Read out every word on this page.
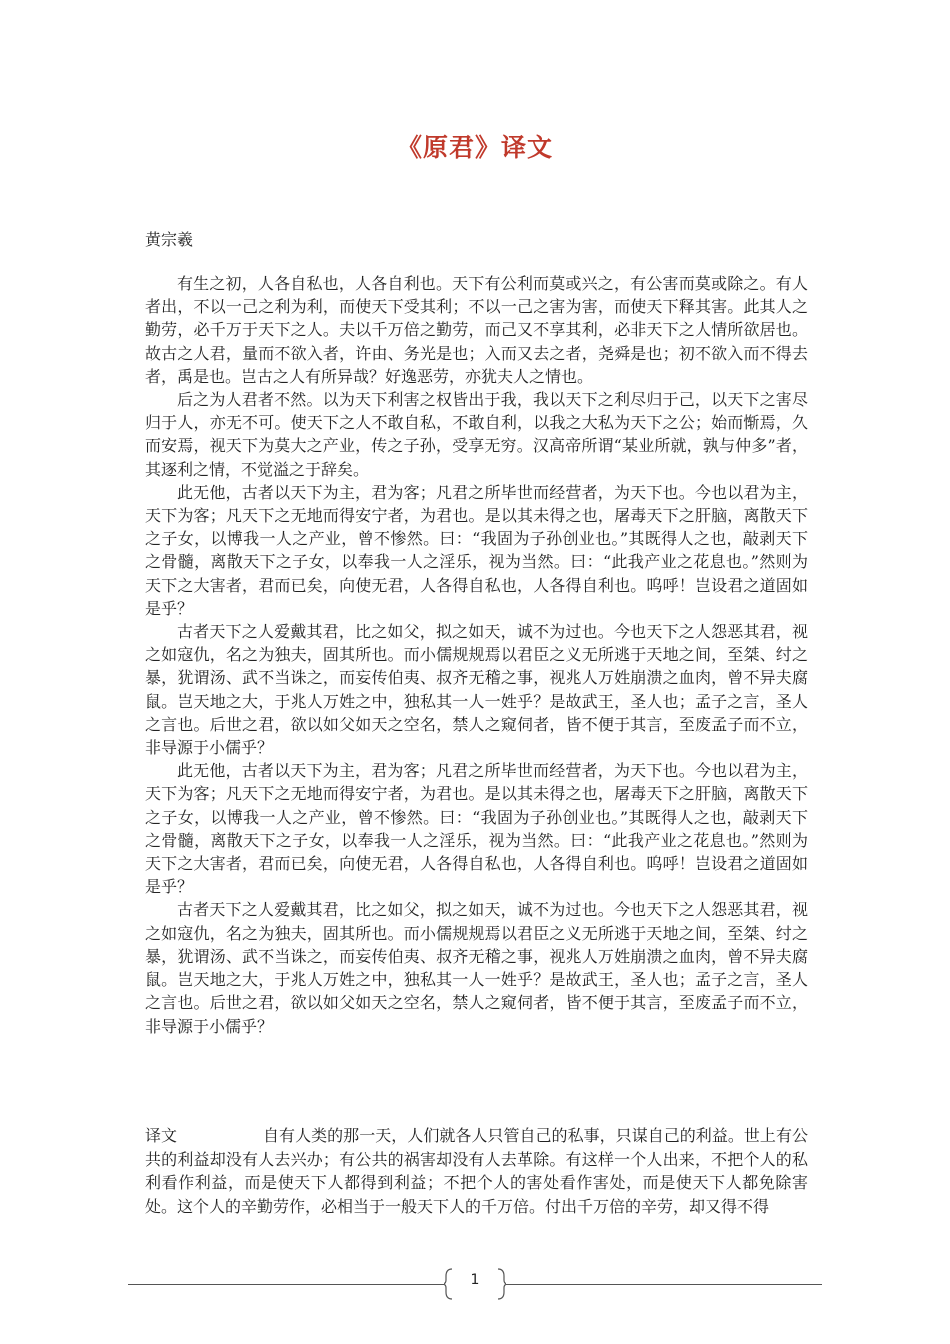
《原君》译文
黄宗羲

有生之初，人各自私也，人各自利也。天下有公利而莫或兴之，有公害而莫或除之。有人者出，不以一己之利为利，而使天下受其利；不以一己之害为害，而使天下释其害。此其人之勤劳，必千万于天下之人。夫以千万倍之勤劳，而己又不享其利，必非天下之人情所欲居也。故古之人君，量而不欲入者，许由、务光是也；入而又去之者，尧舜是也；初不欲入而不得去者，禹是也。岂古之人有所异哉？好逸恶劳，亦犹夫人之情也。

后之为人君者不然。以为天下利害之权皆出于我，我以天下之利尽归于己，以天下之害尽归于人，亦无不可。使天下之人不敢自私，不敢自利，以我之大私为天下之公；始而惭焉，久而安焉，视天下为莫大之产业，传之子孙，受享无穷。汉高帝所谓“某业所就，孰与仲多”者，其逐利之情，不觉溢之于辞矣。

此无他，古者以天下为主，君为客；凡君之所毕世而经营者，为天下也。今也以君为主，天下为客；凡天下之无地而得安宁者，为君也。是以其未得之也，屠毒天下之肝脑，离散天下之子女，以博我一人之产业，曾不惨然。曰：“我固为子孙创业也。”其既得人之也，敲剥天下之骨髓，离散天下之子女，以奉我一人之淫乐，视为当然。曰：“此我产业之花息也。”然则为天下之大害者，君而已矣，向使无君，人各得自私也，人各得自利也。呜呼！岂设君之道固如是乎？

古者天下之人爱戴其君，比之如父，拟之如天，诚不为过也。今也天下之人怨恶其君，视之如寇仇，名之为独夫，固其所也。而小儒规规焉以君臣之义无所逃于天地之间，至桀、纣之暴，犹谓汤、武不当诛之，而妄传伯夷、叔齐无稽之事，视兆人万姓崩溃之血肉，曾不异夫腐鼠。岂天地之大，于兆人万姓之中，独私其一人一姓乎？是故武王，圣人也；孟子之言，圣人之言也。后世之君，欲以如父如天之空名，禁人之窥伺者，皆不便于其言，至废孟子而不立，非导源于小儒乎？

此无他，古者以天下为主，君为客；凡君之所毕世而经营者，为天下也。今也以君为主，天下为客；凡天下之无地而得安宁者，为君也。是以其未得之也，屠毒天下之肝脑，离散天下之子女，以博我一人之产业，曾不惨然。曰：“我固为子孙创业也。”其既得人之也，敲剥天下之骨髓，离散天下之子女，以奉我一人之淫乐，视为当然。曰：“此我产业之花息也。”然则为天下之大害者，君而已矣，向使无君，人各得自私也，人各得自利也。呜呼！岂设君之道固如是乎？

古者天下之人爱戴其君，比之如父，拟之如天，诚不为过也。今也天下之人怨恶其君，视之如寇仇，名之为独夫，固其所也。而小儒规规焉以君臣之义无所逃于天地之间，至桀、纣之暴，犹谓汤、武不当诛之，而妄传伯夷、叔齐无稽之事，视兆人万姓崩溃之血肉，曾不异夫腐鼠。岂天地之大，于兆人万姓之中，独私其一人一姓乎？是故武王，圣人也；孟子之言，圣人之言也。后世之君，欲以如父如天之空名，禁人之窥伺者，皆不便于其言，至废孟子而不立，非导源于小儒乎？

译文	自有人类的那一天，人们就各人只管自己的私事，只谋自己的利益。世上有公共的利益却没有人去兴办；有公共的祸害却没有人去革除。有这样一个人出来，不把个人的私利看作利益，而是使天下人都得到利益；不把个人的害处看作害处，而是使天下人都免除害处。这个人的辛勤劳作，必相当于一般天下人的千万倍。付出千万倍的辛劳，却又得不得
1
